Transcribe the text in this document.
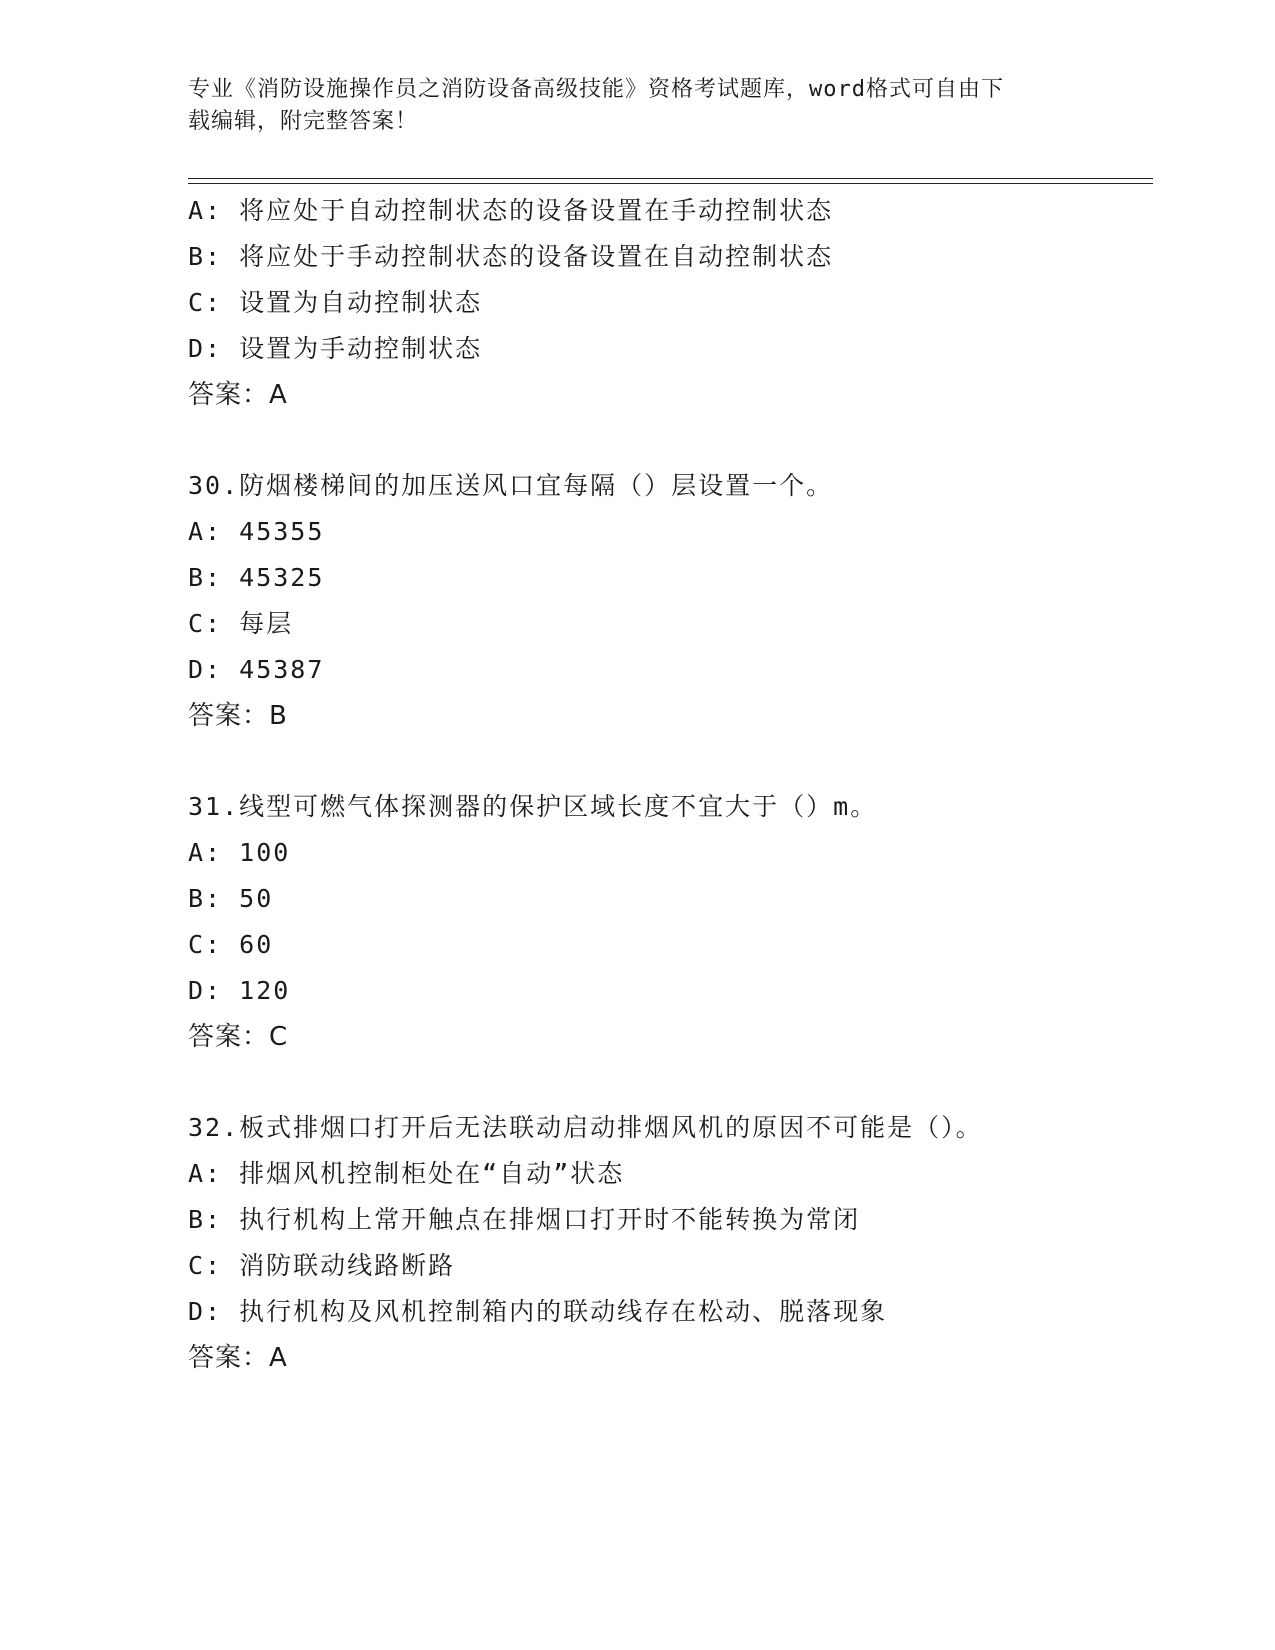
专业《消防设施操作员之消防设备高级技能》资格考试题库，word格式可自由下
载编辑，附完整答案！
A: 将应处于自动控制状态的设备设置在手动控制状态
B: 将应处于手动控制状态的设备设置在自动控制状态
C: 设置为自动控制状态
D: 设置为手动控制状态
答案：A
30.防烟楼梯间的加压送风口宜每隔（）层设置一个。
A: 45355
B: 45325
C: 每层
D: 45387
答案：B
31.线型可燃气体探测器的保护区域长度不宜大于（）m。
A: 100
B: 50
C: 60
D: 120
答案：C
32.板式排烟口打开后无法联动启动排烟风机的原因不可能是（）。
A: 排烟风机控制柜处在“自动”状态
B: 执行机构上常开触点在排烟口打开时不能转换为常闭
C: 消防联动线路断路
D: 执行机构及风机控制箱内的联动线存在松动、脱落现象
答案：A
